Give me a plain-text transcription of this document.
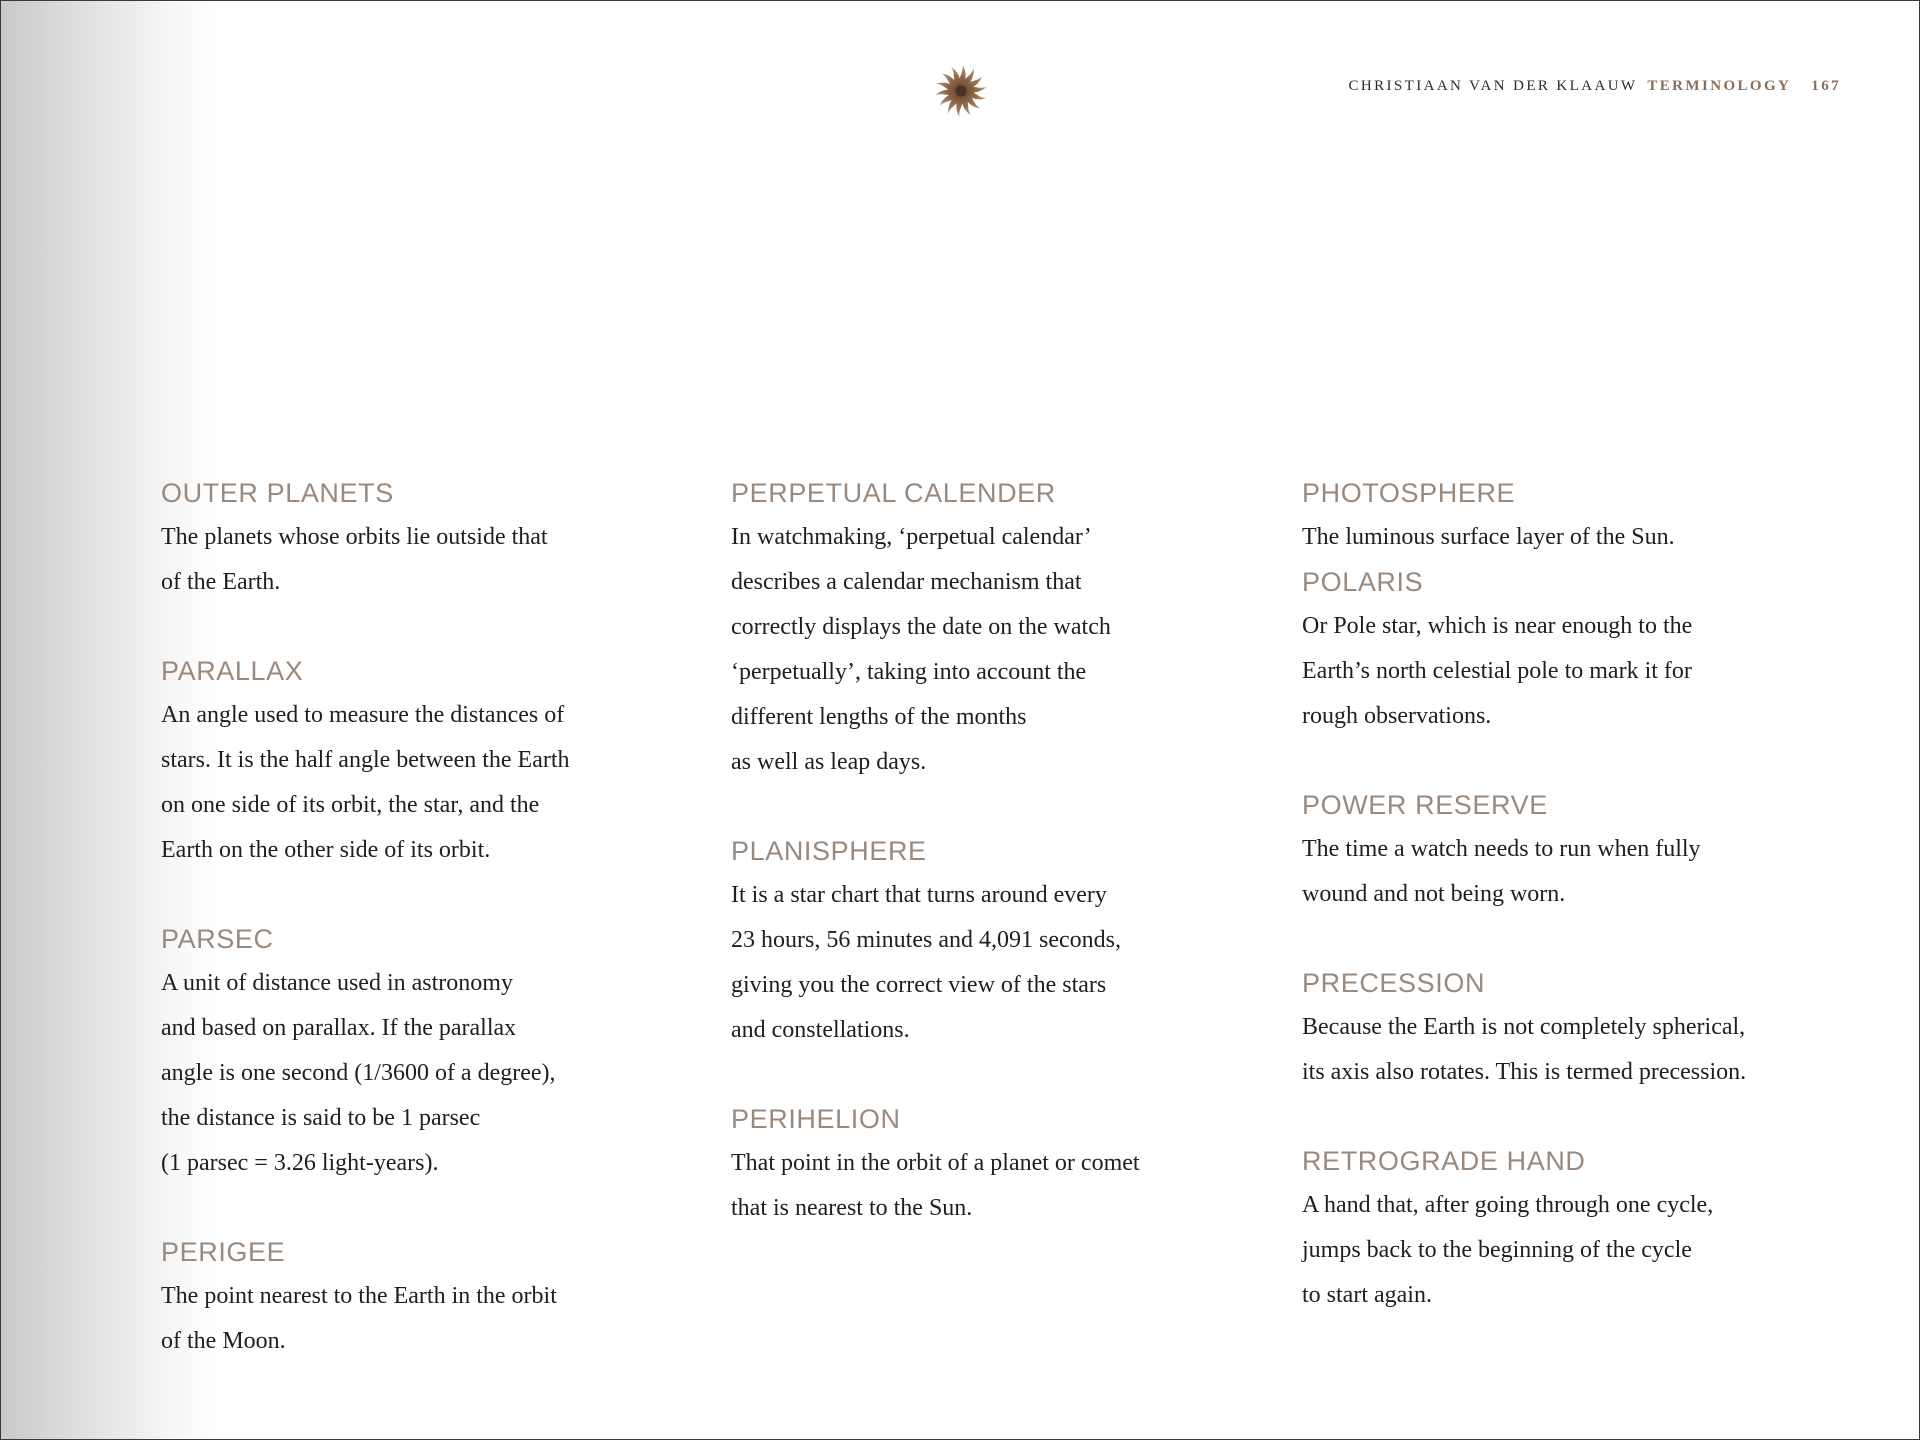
CHRISTIAAN VAN DER KLAAUW TERMINOLOGY 167
OUTER PLANETS

The planets whose orbits lie outside that
of the Earth.

PARALLAX

An angle used to measure the distances of
stars. It is the half angle between the Earth
on one side of its orbit, the star, and the
Earth on the other side of its orbit.

PARSEC

A unit of distance used in astronomy
and based on parallax. If the parallax
angle is one second (1/3600 of a degree),
the distance is said to be 1 parsec
(1 parsec = 3.26 light-years).

PERIGEE

The point nearest to the Earth in the orbit
of the Moon.

PERPETUAL CALENDER

In watchmaking, ‘perpetual calendar’
describes a calendar mechanism that
correctly displays the date on the watch
‘perpetually’, taking into account the
different lengths of the months
as well as leap days.

PLANISPHERE

It is a star chart that turns around every
23 hours, 56 minutes and 4,091 seconds,
giving you the correct view of the stars
and constellations.

PERIHELION

That point in the orbit of a planet or comet
that is nearest to the Sun.

PHOTOSPHERE

The luminous surface layer of the Sun.

POLARIS

Or Pole star, which is near enough to the
Earth’s north celestial pole to mark it for
rough observations.

POWER RESERVE

The time a watch needs to run when fully
wound and not being worn.

PRECESSION

Because the Earth is not completely spherical,
its axis also rotates. This is termed precession.

RETROGRADE HAND

A hand that, after going through one cycle,
jumps back to the beginning of the cycle
to start again.
